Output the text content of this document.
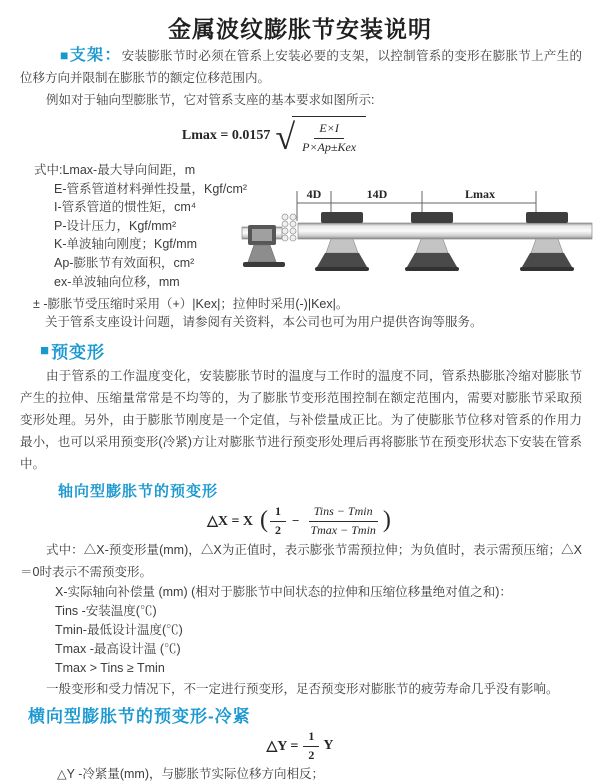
金属波纹膨胀节安装说明

■支架：安装膨胀节时必须在管系上安装必要的支架，以控制管系的变形在膨胀节上产生的位移方向并限制在膨胀节的额定位移范围内。

例如对于轴向型膨胀节，它对管系支座的基本要求如图所示:

Lmax = 0.0157 √ $\frac{E\times I}{\text{P×Ap±Kex}}$
式中:Lmax-最大导向间距，m
E-管系管道材料弹性投量，Kgf/cm²
I-管系管道的惯性矩，cm⁴
P-设计压力，Kgf/mm²
K-单波轴向刚度；Kgf/mm
Ap-膨胀节有效面积，cm²
ex-单波轴向位移，mm
4D	14D	Lmax

± -膨胀节受压缩时采用（+）|Kex|；拉伸时采用(-)|Kex|。

关于管系支座设计问题，请参阅有关资料，本公司也可为用户提供咨询等服务。

■ 预变形

由于管系的工作温度变化，安装膨胀节时的温度与工作时的温度不同，管系热膨胀冷缩对膨胀节产生的拉伸、压缩量常常是不均等的，为了膨胀节变形范围控制在额定范围内，需要对膨胀节采取预变形处理。另外，由于膨胀节刚度是一个定值，与补偿量成正比。为了使膨胀节位移对管系的作用力最小，也可以采用预变形(冷紧)方让对膨胀节进行预变形处理后再将膨胀节在预变形状态下安装在管系中。

轴向型膨胀节的预变形
△X = X ( $\frac{1}{2} - \frac{\text{Tins − Tmin}}{Tmax - Tmin}$ )

式中：△X-预变形量(mm)，△X为正值时，表示膨张节需预拉伸；为负值时，表示需预压缩；△X＝0时表示不需预变形。

X-实际轴向补偿量 (mm) (相对于膨胀节中间状态的拉伸和压缩位移量绝对值之和)：
Tins -安装温度(℃)
Tmin-最低设计温度(℃)
Tmax -最高设计温 (℃)
Tmax > Tins ≥ Tmin

一般变形和受力情况下，不一定进行预变形，足否预变形对膨胀节的疲劳寿命几乎没有影响。

横向型膨胀节的预变形-冷紧
△Y = $\frac{1}{2}$ Y

△Y -冷紧量(mm)，与膨胀节实际位移方向相反；
